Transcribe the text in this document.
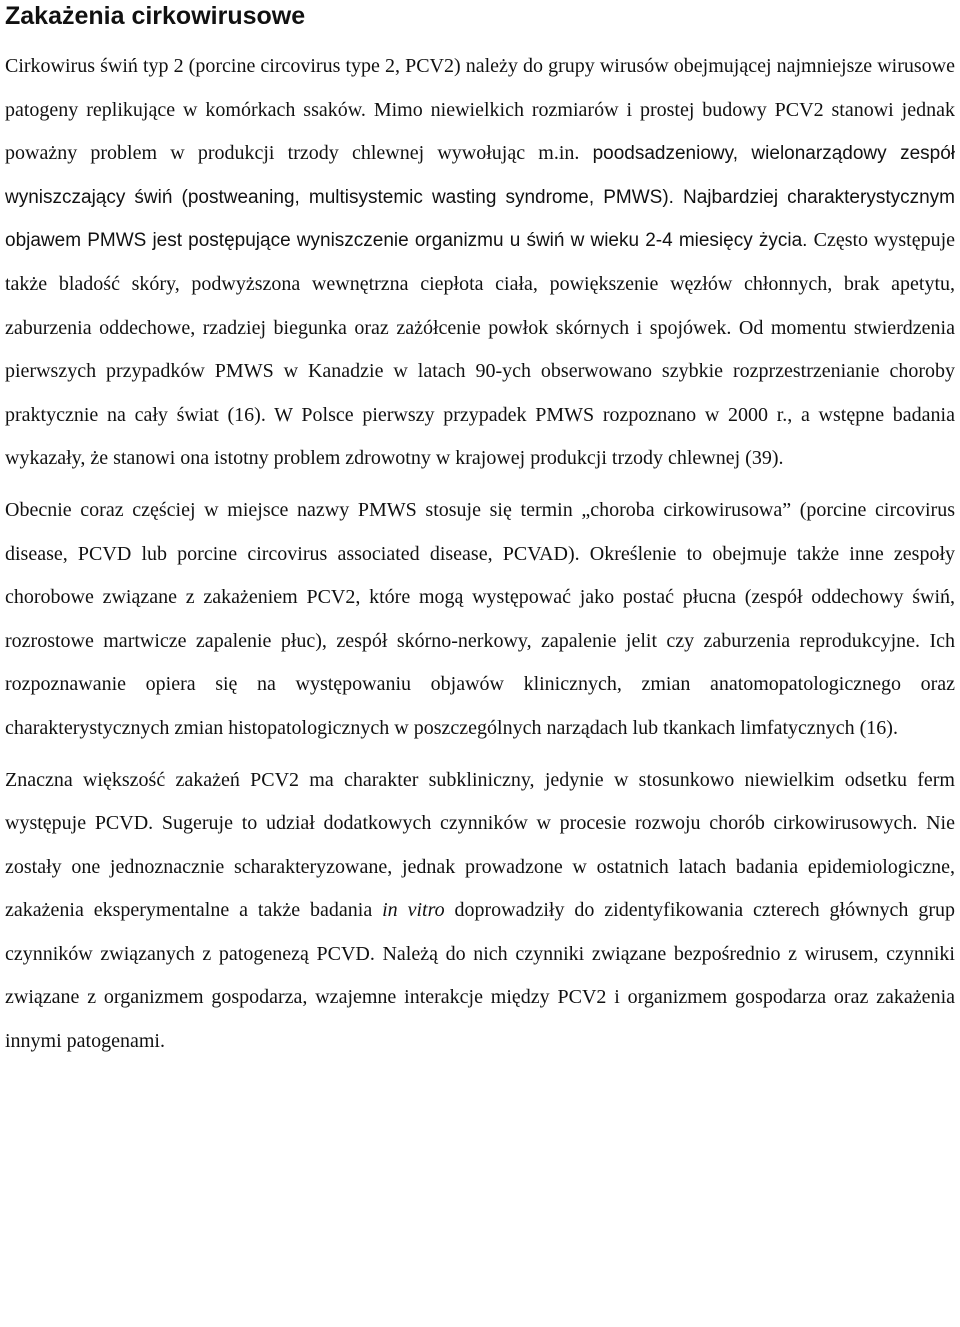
Zakażenia cirkowirusowe

Cirkowirus świń typ 2 (porcine circovirus type 2, PCV2) należy do grupy wirusów obejmującej najmniejsze wirusowe patogeny replikujące w komórkach ssaków. Mimo niewielkich rozmiarów i prostej budowy PCV2 stanowi jednak poważny problem w produkcji trzody chlewnej wywołując m.in. poodsadzeniowy, wielonarządowy zespół wyniszczający świń (postweaning, multisystemic wasting syndrome, PMWS). Najbardziej charakterystycznym objawem PMWS jest postępujące wyniszczenie organizmu u świń w wieku 2-4 miesięcy życia. Często występuje także bladość skóry, podwyższona wewnętrzna ciepłota ciała, powiększenie węzłów chłonnych, brak apetytu, zaburzenia oddechowe, rzadziej biegunka oraz zażółcenie powłok skórnych i spojówek. Od momentu stwierdzenia pierwszych przypadków PMWS w Kanadzie w latach 90-ych obserwowano szybkie rozprzestrzenianie choroby praktycznie na cały świat (16). W Polsce pierwszy przypadek PMWS rozpoznano w 2000 r., a wstępne badania wykazały, że stanowi ona istotny problem zdrowotny w krajowej produkcji trzody chlewnej (39).

Obecnie coraz częściej w miejsce nazwy PMWS stosuje się termin „choroba cirkowirusowa” (porcine circovirus disease, PCVD lub porcine circovirus associated disease, PCVAD). Określenie to obejmuje także inne zespoły chorobowe związane z zakażeniem PCV2, które mogą występować jako postać płucna (zespół oddechowy świń, rozrostowe martwicze zapalenie płuc), zespół skórno-nerkowy, zapalenie jelit czy zaburzenia reprodukcyjne. Ich rozpoznawanie opiera się na występowaniu objawów klinicznych, zmian anatomopatologicznego oraz charakterystycznych zmian histopatologicznych w poszczególnych narządach lub tkankach limfatycznych (16).

Znaczna większość zakażeń PCV2 ma charakter subkliniczny, jedynie w stosunkowo niewielkim odsetku ferm występuje PCVD. Sugeruje to udział dodatkowych czynników w procesie rozwoju chorób cirkowirusowych. Nie zostały one jednoznacznie scharakteryzowane, jednak prowadzone w ostatnich latach badania epidemiologiczne, zakażenia eksperymentalne a także badania in vitro doprowadziły do zidentyfikowania czterech głównych grup czynników związanych z patogenezą PCVD. Należą do nich czynniki związane bezpośrednio z wirusem, czynniki związane z organizmem gospodarza, wzajemne interakcje między PCV2 i organizmem gospodarza oraz zakażenia innymi patogenami.
